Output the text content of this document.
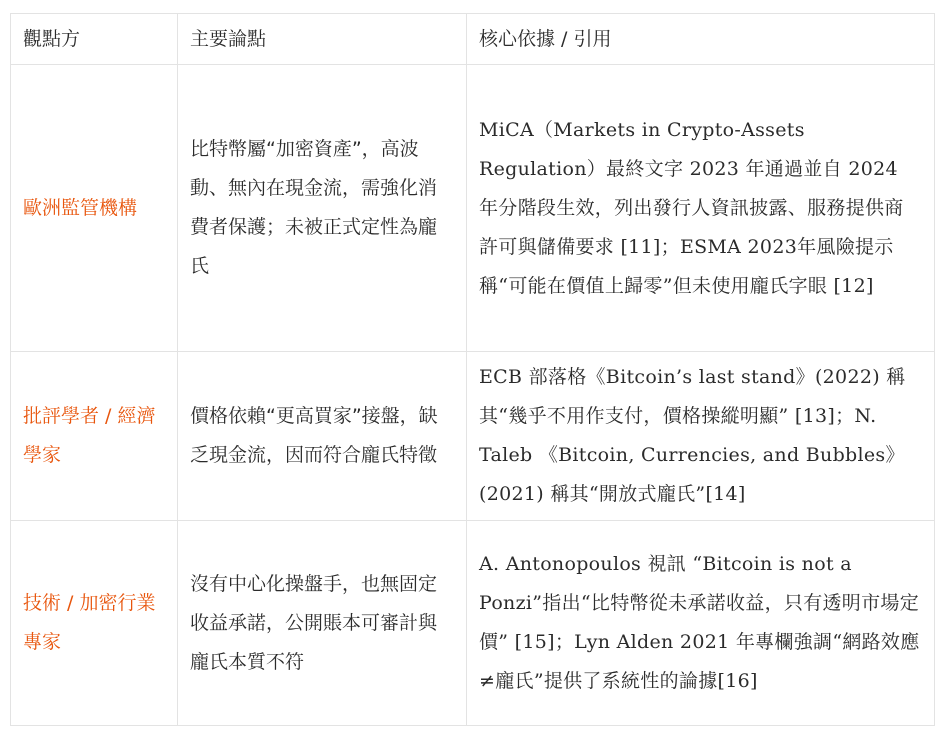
觀點方	主要論點	核心依據 / 引用
歐洲監管機構	比特幣屬“加密資產”，高波動、無內在現金流，需強化消費者保護；未被正式定性為龐氏	MiCA（Markets in Crypto-Assets Regulation）最終文字 2023 年通過並自 2024 年分階段生效，列出發行人資訊披露、服務提供商許可與儲備要求 [11]；ESMA 2023年風險提示稱“可能在價值上歸零”但未使用龐氏字眼 [12]
批評學者 / 經濟學家	價格依賴“更高買家”接盤，缺乏現金流，因而符合龐氏特徵	ECB 部落格《Bitcoin’s last stand》(2022) 稱其“幾乎不用作支付，價格操縱明顯” [13]；N. Taleb 《Bitcoin, Currencies, and Bubbles》(2021) 稱其“開放式龐氏”[14]
技術 / 加密行業專家	沒有中心化操盤手，也無固定收益承諾，公開賬本可審計與龐氏本質不符	A. Antonopoulos 視訊 “Bitcoin is not a Ponzi”指出“比特幣從未承諾收益，只有透明市場定價” [15]；Lyn Alden 2021 年專欄強調“網路效應 ≠龐氏”提供了系統性的論據[16]
